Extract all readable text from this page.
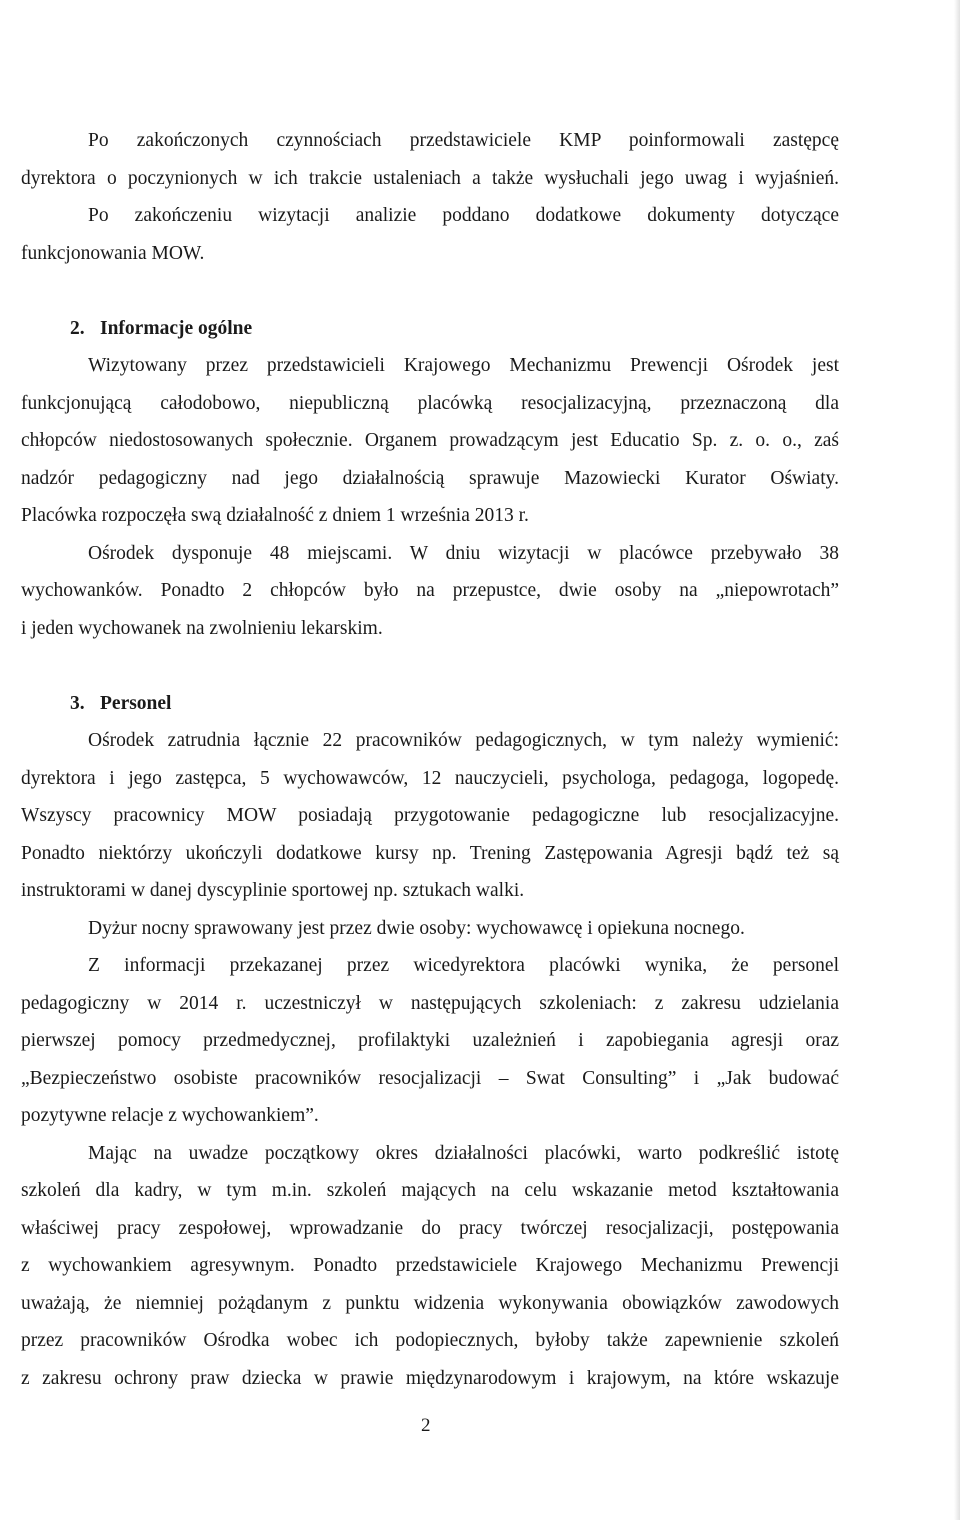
Po zakończonych czynnościach przedstawiciele KMP poinformowali zastępcę
dyrektora o poczynionych w ich trakcie ustaleniach a także wysłuchali jego uwag i wyjaśnień.
Po zakończeniu wizytacji analizie poddano dodatkowe dokumenty dotyczące
funkcjonowania MOW.
2. Informacje ogólne
Wizytowany przez przedstawicieli Krajowego Mechanizmu Prewencji Ośrodek jest
funkcjonującą całodobowo, niepubliczną placówką resocjalizacyjną, przeznaczoną dla
chłopców niedostosowanych społecznie. Organem prowadzącym jest Educatio Sp. z. o. o., zaś
nadzór pedagogiczny nad jego działalnością sprawuje Mazowiecki Kurator Oświaty.
Placówka rozpoczęła swą działalność z dniem 1 września 2013 r.
Ośrodek dysponuje 48 miejscami. W dniu wizytacji w placówce przebywało 38
wychowanków. Ponadto 2 chłopców było na przepustce, dwie osoby na „niepowrotach”
i jeden wychowanek na zwolnieniu lekarskim.
3. Personel
Ośrodek zatrudnia łącznie 22 pracowników pedagogicznych, w tym należy wymienić:
dyrektora i jego zastępca, 5 wychowawców, 12 nauczycieli, psychologa, pedagoga, logopedę.
Wszyscy pracownicy MOW posiadają przygotowanie pedagogiczne lub resocjalizacyjne.
Ponadto niektórzy ukończyli dodatkowe kursy np. Trening Zastępowania Agresji bądź też są
instruktorami w danej dyscyplinie sportowej np. sztukach walki.
Dyżur nocny sprawowany jest przez dwie osoby: wychowawcę i opiekuna nocnego.
Z informacji przekazanej przez wicedyrektora placówki wynika, że personel
pedagogiczny w 2014 r. uczestniczył w następujących szkoleniach: z zakresu udzielania
pierwszej pomocy przedmedycznej, profilaktyki uzależnień i zapobiegania agresji oraz
„Bezpieczeństwo osobiste pracowników resocjalizacji – Swat Consulting” i „Jak budować
pozytywne relacje z wychowankiem”.
Mając na uwadze początkowy okres działalności placówki, warto podkreślić istotę
szkoleń dla kadry, w tym m.in. szkoleń mających na celu wskazanie metod kształtowania
właściwej pracy zespołowej, wprowadzanie do pracy twórczej resocjalizacji, postępowania
z wychowankiem agresywnym. Ponadto przedstawiciele Krajowego Mechanizmu Prewencji
uważają, że niemniej pożądanym z punktu widzenia wykonywania obowiązków zawodowych
przez pracowników Ośrodka wobec ich podopiecznych, byłoby także zapewnienie szkoleń
z zakresu ochrony praw dziecka w prawie międzynarodowym i krajowym, na które wskazuje
2
